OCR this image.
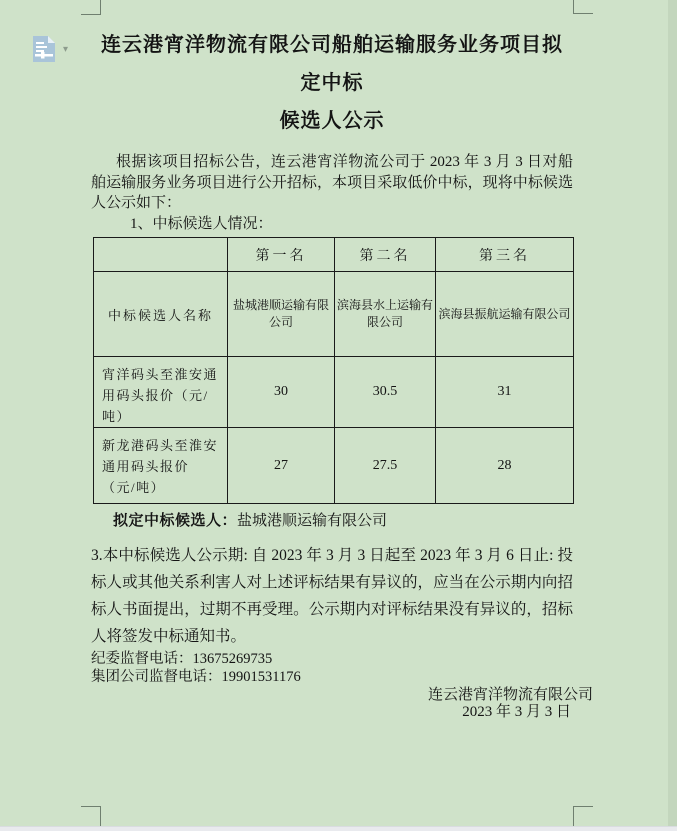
▾	连云港宵洋物流有限公司船舶运输服务业务项目拟定中标
候选人公示

根据该项目招标公告，连云港宵洋物流公司于 2023 年 3 月 3 日对船舶运输服务业务项目进行公开招标，本项目采取低价中标，现将中标候选人公示如下：

1、中标候选人情况：

	第一名	第二名	第三名
中标候选人名称	盐城港顺运输有限公司	滨海县水上运输有限公司	滨海县振航运输有限公司
宵洋码头至淮安通用码头报价（元/吨）	30	30.5	31
新龙港码头至淮安通用码头报价（元/吨）	27	27.5	28

拟定中标候选人：盐城港顺运输有限公司

3.本中标候选人公示期: 自 2023 年 3 月 3 日起至 2023 年 3 月 6 日止: 投标人或其他关系利害人对上述评标结果有异议的，应当在公示期内向招标人书面提出，过期不再受理。公示期内对评标结果没有异议的，招标人将签发中标通知书。

纪委监督电话：13675269735

集团公司监督电话：19901531176

连云港宵洋物流有限公司

2023 年 3 月 3 日
